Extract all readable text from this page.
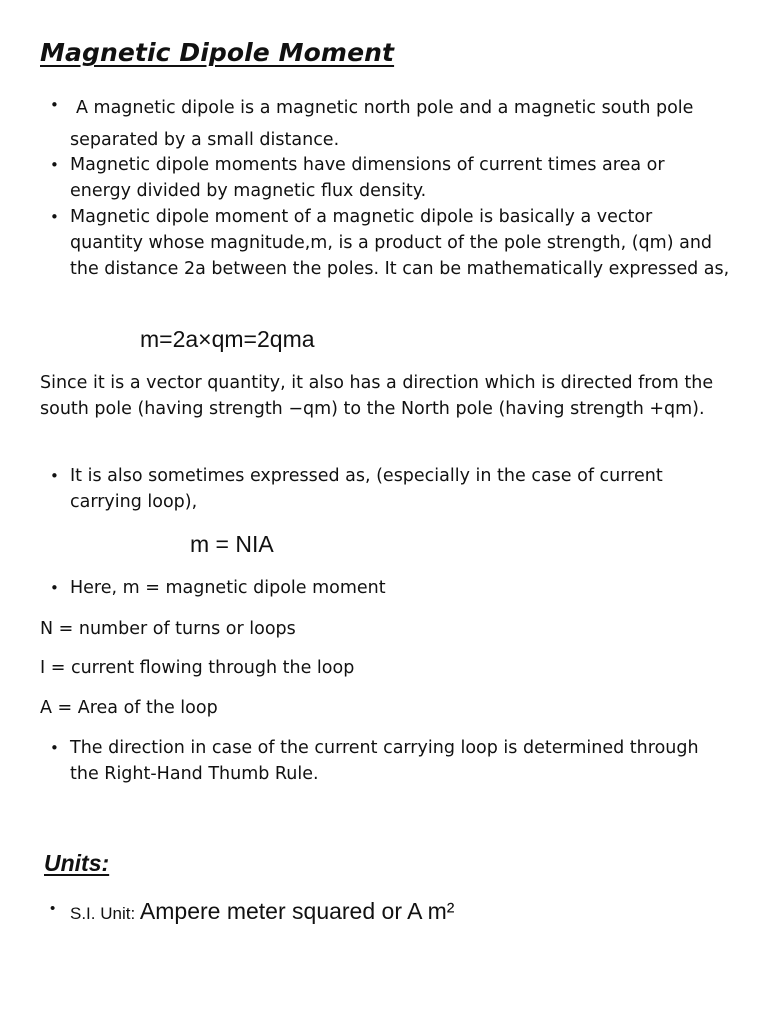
Magnetic Dipole Moment
• A magnetic dipole is a magnetic north pole and a magnetic south pole separated by a small distance.
• Magnetic dipole moments have dimensions of current times area or energy divided by magnetic flux density.
• Magnetic dipole moment of a magnetic dipole is basically a vector quantity whose magnitude,m, is a product of the pole strength, (qm) and the distance 2a between the poles. It can be mathematically expressed as,
m=2a×qm=2qma
Since it is a vector quantity, it also has a direction which is directed from the south pole (having strength −qm) to the North pole (having strength +qm).
• It is also sometimes expressed as, (especially in the case of current carrying loop),
m = NIA
• Here, m = magnetic dipole moment
N = number of turns or loops
I = current flowing through the loop
A = Area of the loop
• The direction in case of the current carrying loop is determined through the Right-Hand Thumb Rule.
Units:
• S.I. Unit: Ampere meter squared or A m²
